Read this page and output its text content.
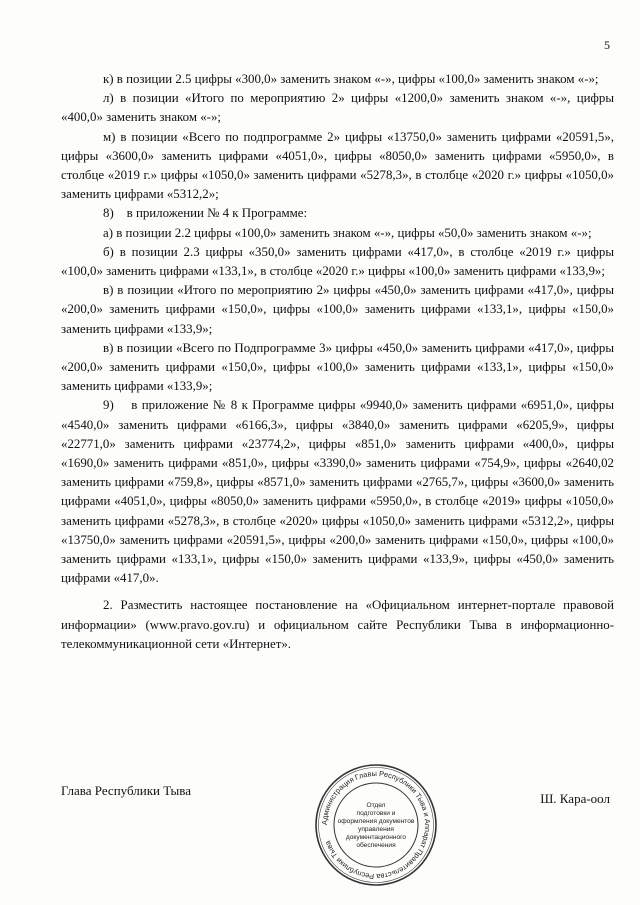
5

к) в позиции 2.5 цифры «300,0» заменить знаком «-», цифры «100,0» заменить знаком «-»;

л) в позиции «Итого по мероприятию 2» цифры «1200,0» заменить знаком «-», цифры «400,0» заменить знаком «-»;

м) в позиции «Всего по подпрограмме 2» цифры «13750,0» заменить цифрами «20591,5», цифры «3600,0» заменить цифрами «4051,0», цифры «8050,0» заменить цифрами «5950,0», в столбце «2019 г.» цифры «1050,0» заменить цифрами «5278,3», в столбце «2020 г.» цифры «1050,0» заменить цифрами «5312,2»;

8)    в приложении № 4 к Программе:

а) в позиции 2.2 цифры «100,0» заменить знаком «-», цифры «50,0» заменить знаком «-»;

б) в позиции 2.3 цифры «350,0» заменить цифрами «417,0», в столбце «2019 г.» цифры «100,0» заменить цифрами «133,1», в столбце «2020 г.» цифры «100,0» заменить цифрами «133,9»;

в) в позиции «Итого по мероприятию 2» цифры «450,0» заменить цифрами «417,0», цифры «200,0» заменить цифрами «150,0», цифры «100,0» заменить цифрами «133,1», цифры «150,0» заменить цифрами «133,9»;

в) в позиции «Всего по Подпрограмме 3» цифры «450,0» заменить цифрами «417,0», цифры «200,0» заменить цифрами «150,0», цифры «100,0» заменить цифрами «133,1», цифры «150,0» заменить цифрами «133,9»;

9)    в приложение № 8 к Программе цифры «9940,0» заменить цифрами «6951,0», цифры «4540,0» заменить цифрами «6166,3», цифры «3840,0» заменить цифрами «6205,9», цифры «22771,0» заменить цифрами «23774,2», цифры «851,0» заменить цифрами «400,0», цифры «1690,0» заменить цифрами «851,0», цифры «3390,0» заменить цифрами «754,9», цифры «2640,02 заменить цифрами «759,8», цифры «8571,0» заменить цифрами «2765,7», цифры «3600,0» заменить цифрами «4051,0», цифры «8050,0» заменить цифрами «5950,0», в столбце «2019» цифры «1050,0» заменить цифрами «5278,3», в столбце «2020» цифры «1050,0» заменить цифрами «5312,2», цифры «13750,0» заменить цифрами «20591,5», цифры «200,0» заменить цифрами «150,0», цифры «100,0» заменить цифрами «133,1», цифры «150,0» заменить цифрами «133,9», цифры «450,0» заменить цифрами «417,0».

2. Разместить настоящее постановление на «Официальном интернет-портале правовой информации» (www.pravo.gov.ru) и официальном сайте Республики Тыва в информационно-телекоммуникационной сети «Интернет».

Глава Республики Тыва
Администрация Главы Республики Тыва и Аппарат Правительства Республики Тыва
Отдел
подготовки и
оформления документов
управления
документационного
обеспечения
Ш. Кара-оол
